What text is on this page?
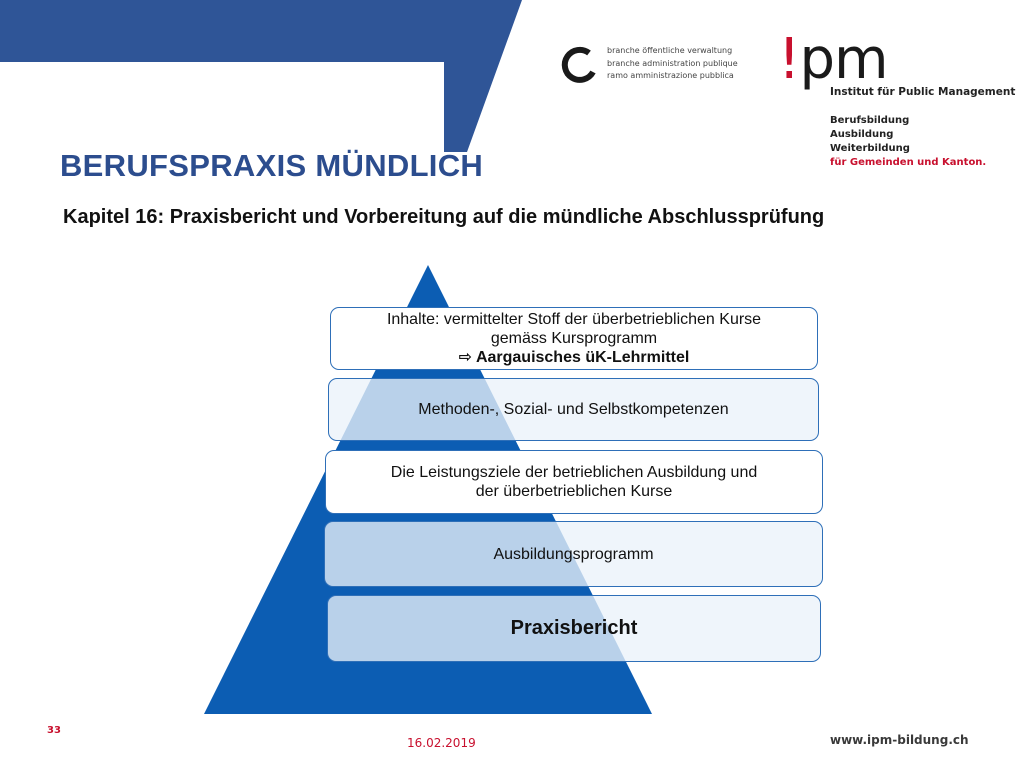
BERUFSPRAXIS MÜNDLICH
Kapitel 16: Praxisbericht und Vorbereitung auf die mündliche Abschlussprüfung
branche öffentliche verwaltung
branche administration publique
ramo amministrazione pubblica !pm
Institut für Public Management
Berufsbildung
Ausbildung
Weiterbildung
für Gemeinden und Kanton.
Inhalte: vermittelter Stoff der überbetrieblichen Kurse
gemäss Kursprogramm
⇨ Aargauisches üK-Lehrmittel
Methoden-, Sozial- und Selbstkompetenzen
Die Leistungsziele der betrieblichen Ausbildung und
der überbetrieblichen Kurse
Ausbildungsprogramm
Praxisbericht
33
16.02.2019	www.ipm-bildung.ch
